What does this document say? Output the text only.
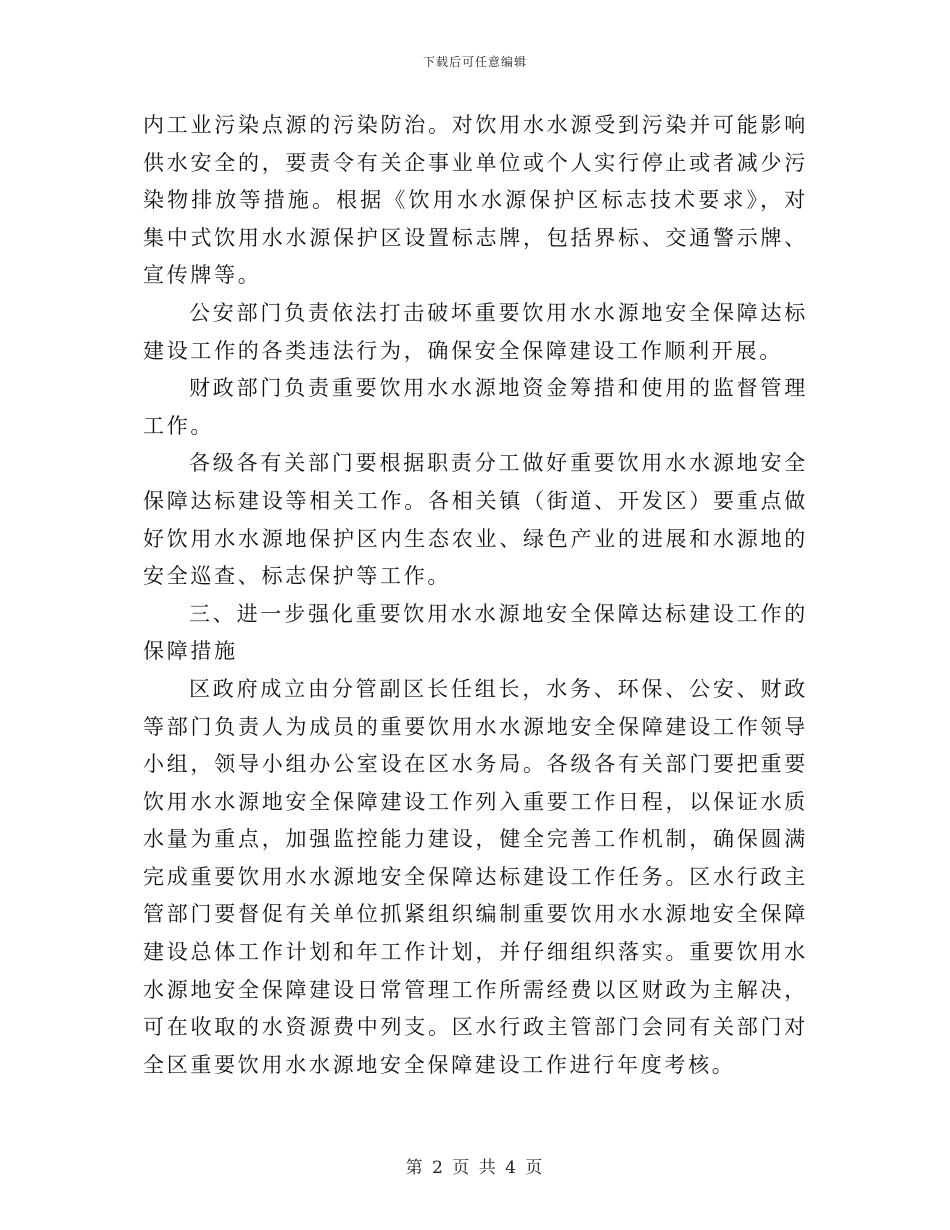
下载后可任意编辑

内工业污染点源的污染防治。对饮用水水源受到污染并可能影响供水安全的，要责令有关企事业单位或个人实行停止或者减少污染物排放等措施。根据《饮用水水源保护区标志技术要求》，对集中式饮用水水源保护区设置标志牌，包括界标、交通警示牌、宣传牌等。

公安部门负责依法打击破坏重要饮用水水源地安全保障达标建设工作的各类违法行为，确保安全保障建设工作顺利开展。

财政部门负责重要饮用水水源地资金筹措和使用的监督管理工作。

各级各有关部门要根据职责分工做好重要饮用水水源地安全保障达标建设等相关工作。各相关镇（街道、开发区）要重点做好饮用水水源地保护区内生态农业、绿色产业的进展和水源地的安全巡查、标志保护等工作。

三、进一步强化重要饮用水水源地安全保障达标建设工作的保障措施

区政府成立由分管副区长任组长，水务、环保、公安、财政等部门负责人为成员的重要饮用水水源地安全保障建设工作领导小组，领导小组办公室设在区水务局。各级各有关部门要把重要饮用水水源地安全保障建设工作列入重要工作日程，以保证水质水量为重点，加强监控能力建设，健全完善工作机制，确保圆满完成重要饮用水水源地安全保障达标建设工作任务。区水行政主管部门要督促有关单位抓紧组织编制重要饮用水水源地安全保障建设总体工作计划和年工作计划，并仔细组织落实。重要饮用水水源地安全保障建设日常管理工作所需经费以区财政为主解决，可在收取的水资源费中列支。区水行政主管部门会同有关部门对全区重要饮用水水源地安全保障建设工作进行年度考核。

第 2 页 共 4 页
